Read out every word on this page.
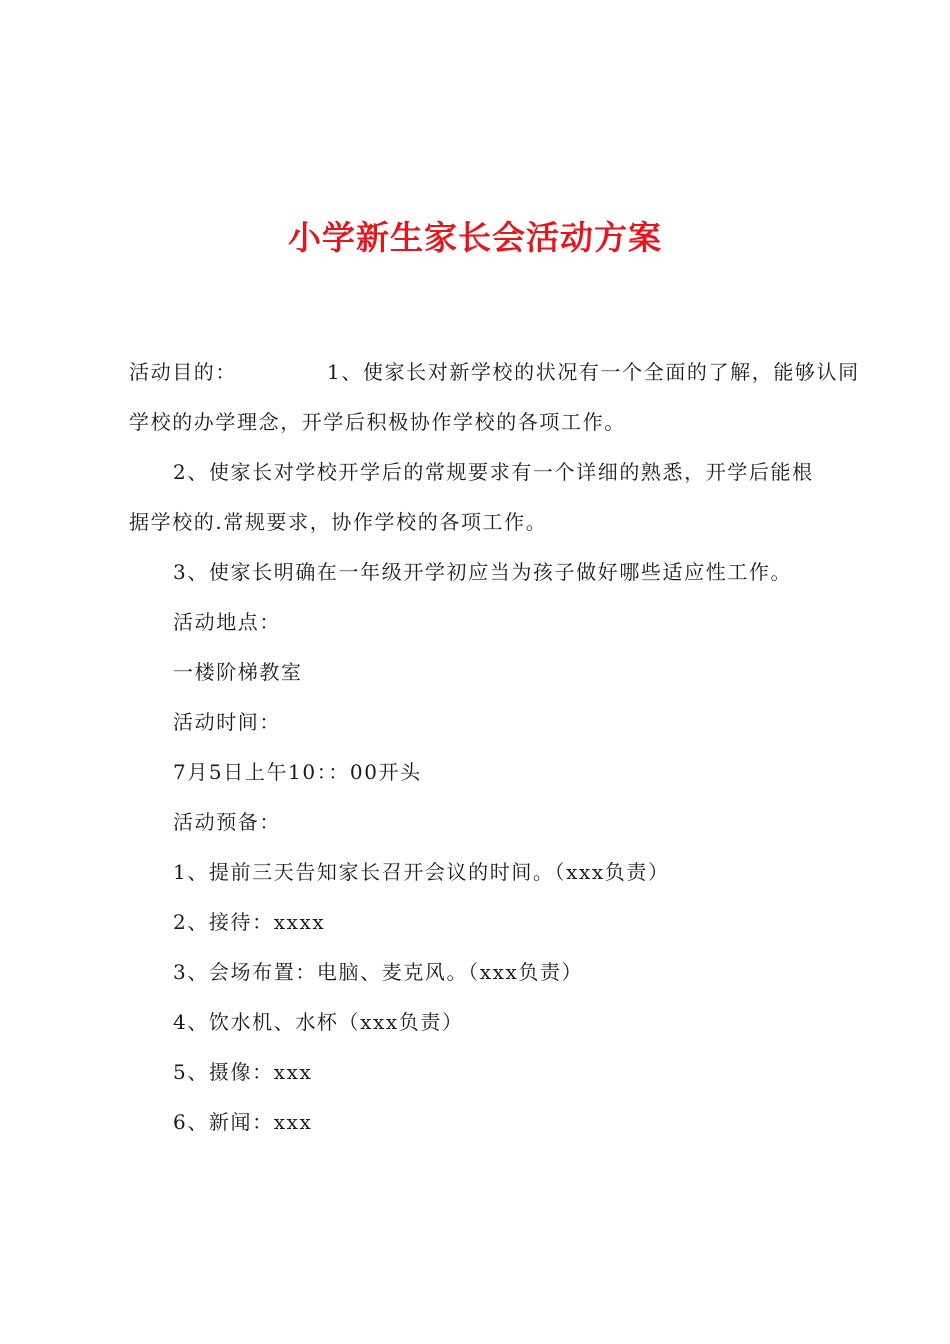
小学新生家长会活动方案

活动目的：	1、使家长对新学校的状况有一个全面的了解，能够认同

学校的办学理念，开学后积极协作学校的各项工作。

2、使家长对学校开学后的常规要求有一个详细的熟悉，开学后能根

据学校的.常规要求，协作学校的各项工作。

3、使家长明确在一年级开学初应当为孩子做好哪些适应性工作。

活动地点：

一楼阶梯教室

活动时间：

7月5日上午10：：00开头

活动预备：

1、提前三天告知家长召开会议的时间。（xxx负责）

2、接待：xxxx

3、会场布置：电脑、麦克风。（xxx负责）

4、饮水机、水杯（xxx负责）

5、摄像：xxx

6、新闻：xxx
